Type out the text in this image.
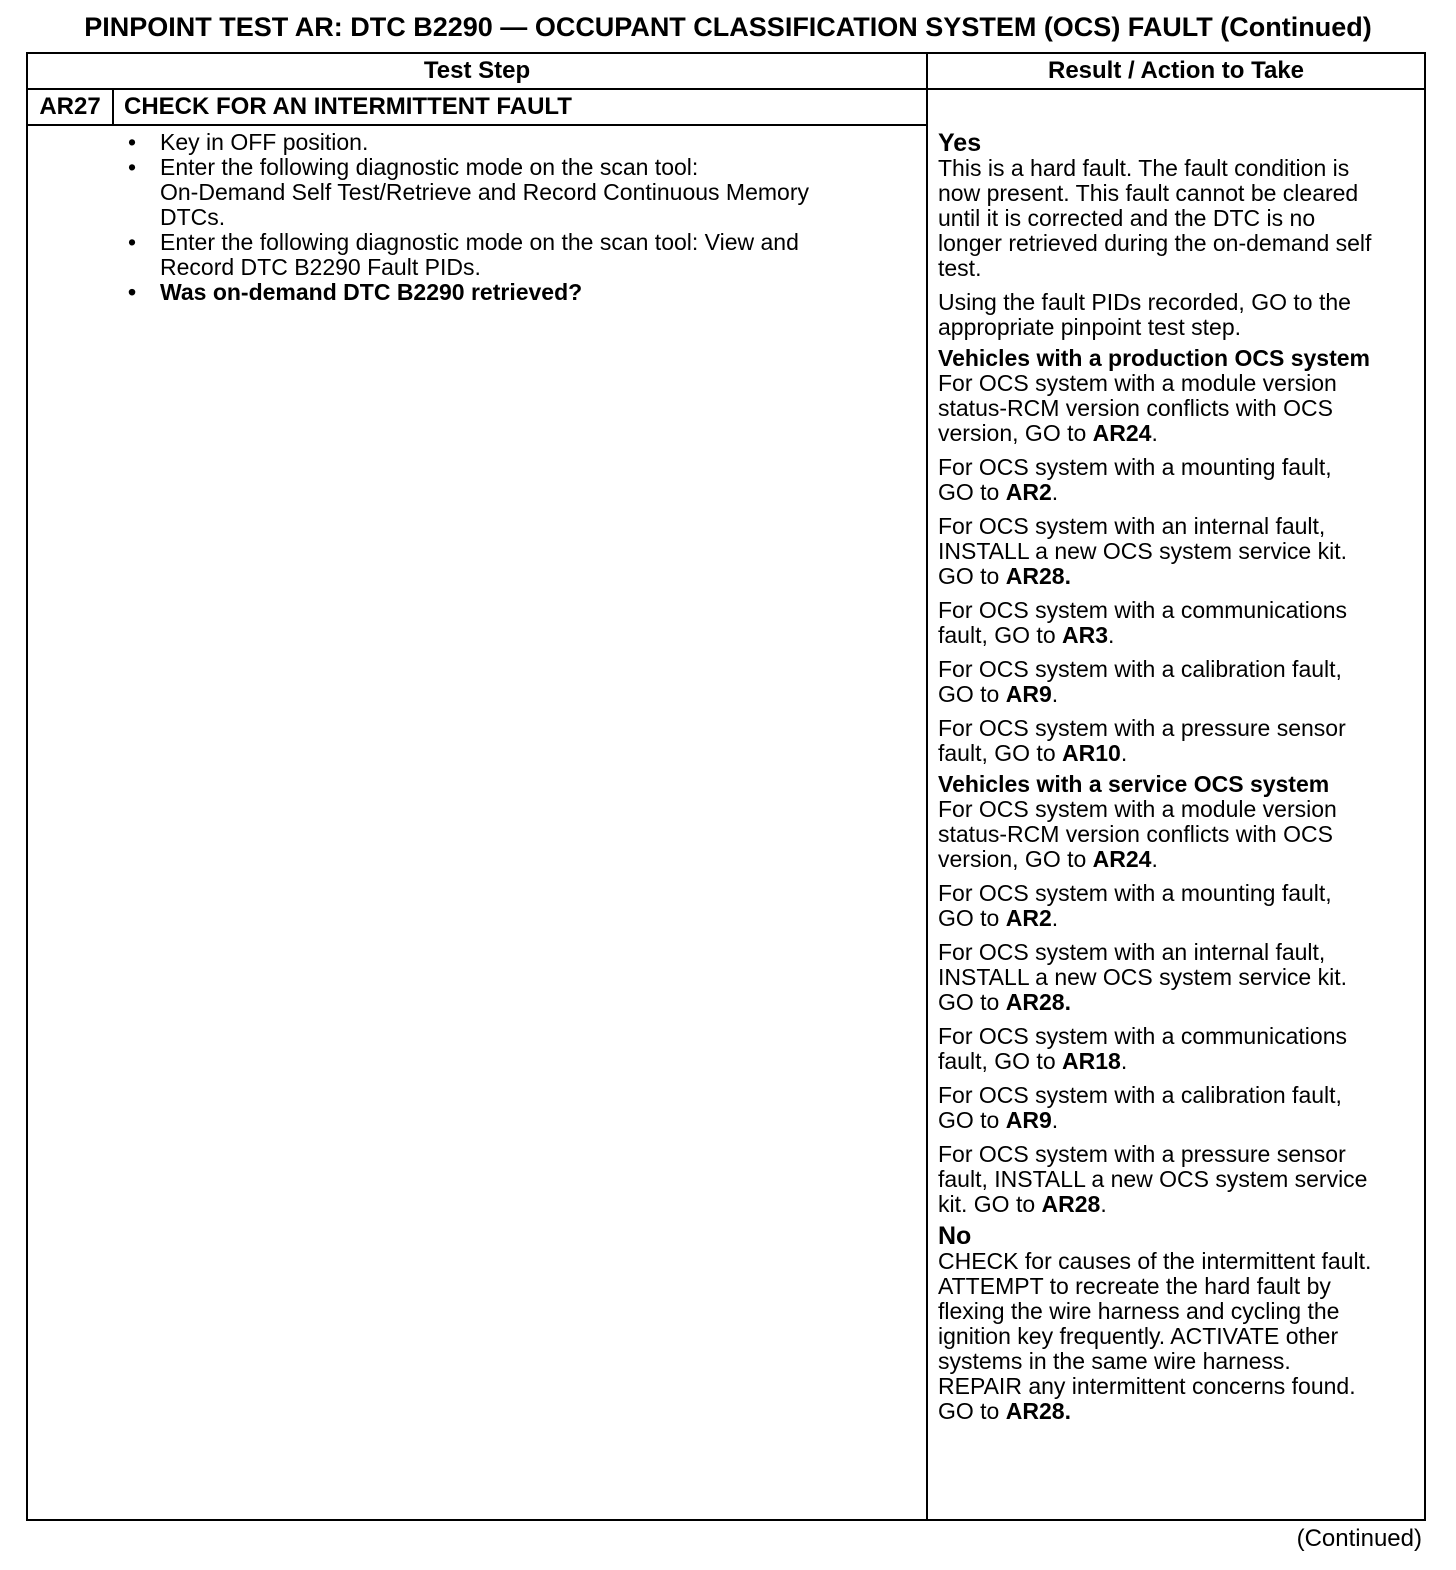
PINPOINT TEST AR: DTC B2290 — OCCUPANT CLASSIFICATION SYSTEM (OCS) FAULT (Continued)
Test Step	Result / Action to Take
AR27 CHECK FOR AN INTERMITTENT FAULT
• Key in OFF position.
• Enter the following diagnostic mode on the scan tool:
On-Demand Self Test/Retrieve and Record Continuous Memory
DTCs.
• Enter the following diagnostic mode on the scan tool: View and
Record DTC B2290 Fault PIDs.
• Was on-demand DTC B2290 retrieved?
Yes
This is a hard fault. The fault condition is
now present. This fault cannot be cleared
until it is corrected and the DTC is no
longer retrieved during the on-demand self
test.
Using the fault PIDs recorded, GO to the
appropriate pinpoint test step.
Vehicles with a production OCS system
For OCS system with a module version
status-RCM version conflicts with OCS
version, GO to AR24.
For OCS system with a mounting fault,
GO to AR2.
For OCS system with an internal fault,
INSTALL a new OCS system service kit.
GO to AR28.
For OCS system with a communications
fault, GO to AR3.
For OCS system with a calibration fault,
GO to AR9.
For OCS system with a pressure sensor
fault, GO to AR10.
Vehicles with a service OCS system
For OCS system with a module version
status-RCM version conflicts with OCS
version, GO to AR24.
For OCS system with a mounting fault,
GO to AR2.
For OCS system with an internal fault,
INSTALL a new OCS system service kit.
GO to AR28.
For OCS system with a communications
fault, GO to AR18.
For OCS system with a calibration fault,
GO to AR9.
For OCS system with a pressure sensor
fault, INSTALL a new OCS system service
kit. GO to AR28.
No
CHECK for causes of the intermittent fault.
ATTEMPT to recreate the hard fault by
flexing the wire harness and cycling the
ignition key frequently. ACTIVATE other
systems in the same wire harness.
REPAIR any intermittent concerns found.
GO to AR28.
(Continued)
